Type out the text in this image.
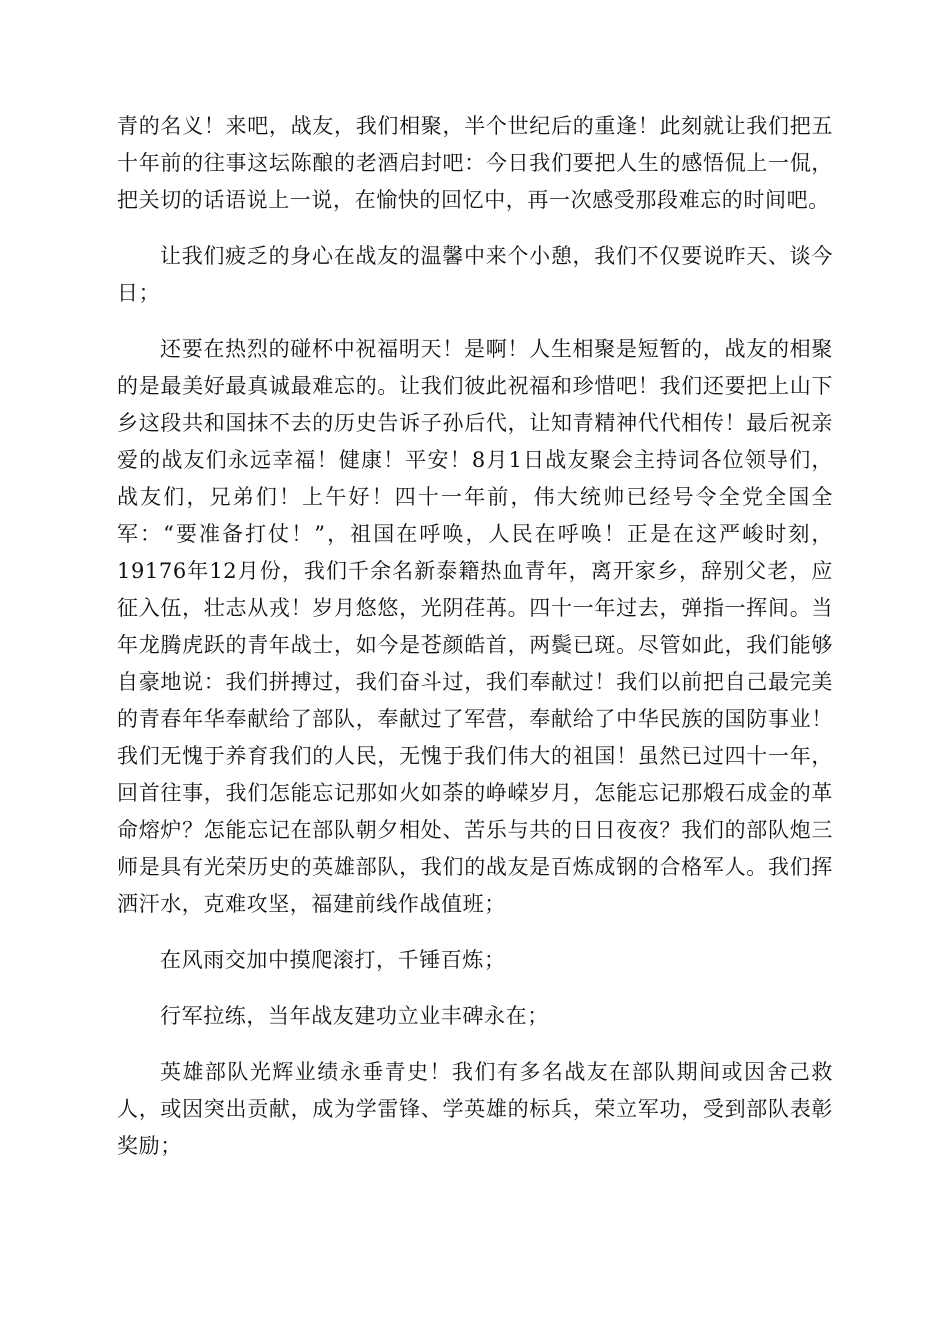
青的名义！来吧，战友，我们相聚，半个世纪后的重逢！此刻就让我们把五十年前的往事这坛陈酿的老酒启封吧：今日我们要把人生的感悟侃上一侃，把关切的话语说上一说，在愉快的回忆中，再一次感受那段难忘的时间吧。

让我们疲乏的身心在战友的温馨中来个小憩，我们不仅要说昨天、谈今日；

还要在热烈的碰杯中祝福明天！是啊！人生相聚是短暂的，战友的相聚的是最美好最真诚最难忘的。让我们彼此祝福和珍惜吧！我们还要把上山下乡这段共和国抹不去的历史告诉子孙后代，让知青精神代代相传！最后祝亲爱的战友们永远幸福！健康！平安！8月1日战友聚会主持词各位领导们，战友们，兄弟们！上午好！四十一年前，伟大统帅已经号令全党全国全军：“要准备打仗！”，祖国在呼唤，人民在呼唤！正是在这严峻时刻，19176年12月份，我们千余名新泰籍热血青年，离开家乡，辞别父老，应征入伍，壮志从戎！岁月悠悠，光阴荏苒。四十一年过去，弹指一挥间。当年龙腾虎跃的青年战士，如今是苍颜皓首，两鬓已斑。尽管如此，我们能够自豪地说：我们拼搏过，我们奋斗过，我们奉献过！我们以前把自己最完美的青春年华奉献给了部队，奉献过了军营，奉献给了中华民族的国防事业！我们无愧于养育我们的人民，无愧于我们伟大的祖国！虽然已过四十一年，回首往事，我们怎能忘记那如火如荼的峥嵘岁月，怎能忘记那煅石成金的革命熔炉？怎能忘记在部队朝夕相处、苦乐与共的日日夜夜？我们的部队炮三师是具有光荣历史的英雄部队，我们的战友是百炼成钢的合格军人。我们挥洒汗水，克难攻坚，福建前线作战值班；

在风雨交加中摸爬滚打，千锤百炼；

行军拉练，当年战友建功立业丰碑永在；

英雄部队光辉业绩永垂青史！我们有多名战友在部队期间或因舍己救人，或因突出贡献，成为学雷锋、学英雄的标兵，荣立军功，受到部队表彰奖励；
